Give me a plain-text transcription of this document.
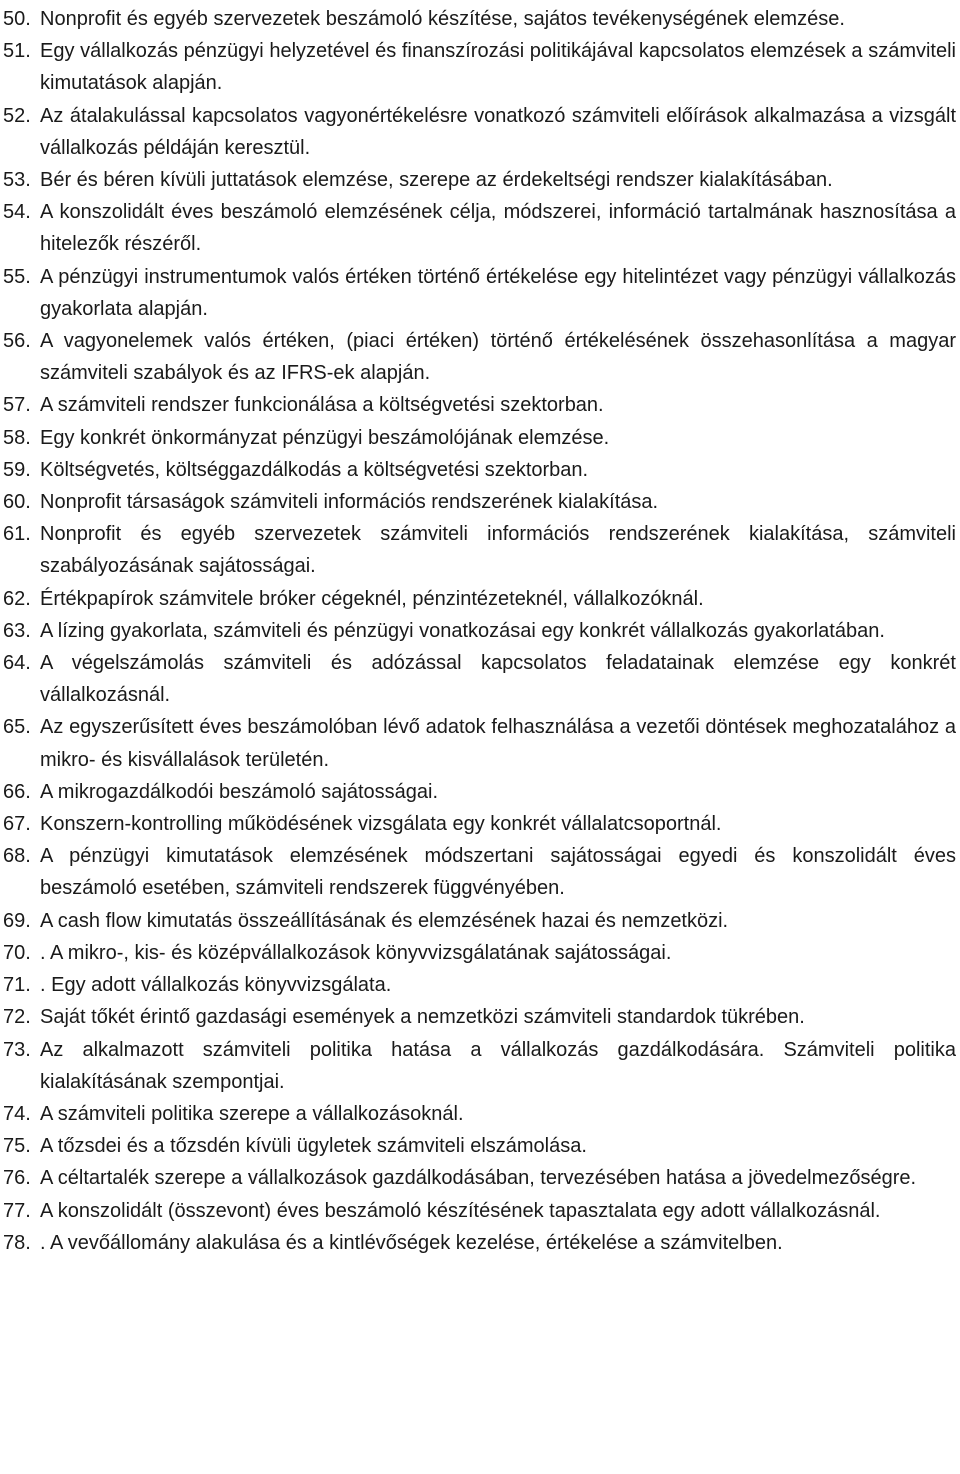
50. Nonprofit és egyéb szervezetek beszámoló készítése, sajátos tevékenységének elemzése.
51. Egy vállalkozás pénzügyi helyzetével és finanszírozási politikájával kapcsolatos elemzések a számviteli kimutatások alapján.
52. Az átalakulással kapcsolatos vagyonértékelésre vonatkozó számviteli előírások alkalmazása a vizsgált vállalkozás példáján keresztül.
53. Bér és béren kívüli juttatások elemzése, szerepe az érdekeltségi rendszer kialakításában.
54. A konszolidált éves beszámoló elemzésének célja, módszerei, információ tartalmának hasznosítása a hitelezők részéről.
55. A pénzügyi instrumentumok valós értéken történő értékelése egy hitelintézet vagy pénzügyi vállalkozás gyakorlata alapján.
56. A vagyonelemek valós értéken, (piaci értéken) történő értékelésének összehasonlítása a magyar számviteli szabályok és az IFRS-ek alapján.
57. A számviteli rendszer funkcionálása a költségvetési szektorban.
58. Egy konkrét önkormányzat pénzügyi beszámolójának elemzése.
59. Költségvetés, költséggazdálkodás a költségvetési szektorban.
60. Nonprofit társaságok számviteli információs rendszerének kialakítása.
61. Nonprofit és egyéb szervezetek számviteli információs rendszerének kialakítása, számviteli szabályozásának sajátosságai.
62. Értékpapírok számvitele bróker cégeknél, pénzintézeteknél, vállalkozóknál.
63. A lízing gyakorlata, számviteli és pénzügyi vonatkozásai egy konkrét vállalkozás gyakorlatában.
64. A végelszámolás számviteli és adózással kapcsolatos feladatainak elemzése egy konkrét vállalkozásnál.
65. Az egyszerűsített éves beszámolóban lévő adatok felhasználása a vezetői döntések meghozatalához a mikro- és kisvállalások területén.
66. A mikrogazdálkodói beszámoló sajátosságai.
67. Konszern-kontrolling működésének vizsgálata egy konkrét vállalatcsoportnál.
68. A pénzügyi kimutatások elemzésének módszertani sajátosságai egyedi és konszolidált éves beszámoló esetében, számviteli rendszerek függvényében.
69. A cash flow kimutatás összeállításának és elemzésének hazai és nemzetközi.
70. . A mikro-, kis- és középvállalkozások könyvvizsgálatának sajátosságai.
71. . Egy adott vállalkozás könyvvizsgálata.
72. Saját tőkét érintő gazdasági események a nemzetközi számviteli standardok tükrében.
73. Az alkalmazott számviteli politika hatása a vállalkozás gazdálkodására. Számviteli politika kialakításának szempontjai.
74. A számviteli politika szerepe a vállalkozásoknál.
75. A tőzsdei és a tőzsdén kívüli ügyletek számviteli elszámolása.
76. A céltartalék szerepe a vállalkozások gazdálkodásában, tervezésében hatása a jövedelmezőségre.
77. A konszolidált (összevont) éves beszámoló készítésének tapasztalata egy adott vállalkozásnál.
78. . A vevőállomány alakulása és a kintlévőségek kezelése, értékelése a számvitelben.
